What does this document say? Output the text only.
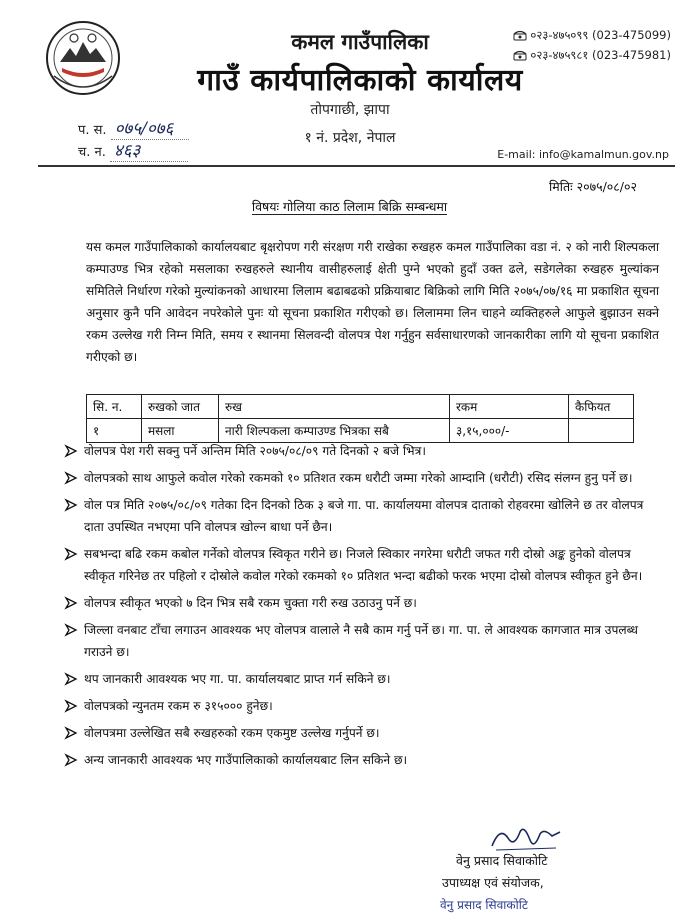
कमल गाउँपालिका
गाउँ कार्यपालिकाको कार्यालय
तोपगाछी, झापा
१ नं. प्रदेश, नेपाल
०२३-४७५०९९ (023-475099)
०२३-४७५९८१ (023-475981)
प. स. ०७५/०७६
च. न. ४६३	E-mail: info@kamalmun.gov.np
मितिः २०७५/०८/०२
विषयः गोलिया काठ लिलाम बिक्रि सम्बन्धमा

यस कमल गाउँपालिकाको कार्यालयबाट बृक्षरोपण गरी संरक्षण गरी राखेका रुखहरु कमल गाउँपालिका वडा नं. २ को नारी शिल्पकला कम्पाउण्ड भित्र रहेको मसलाका रुखहरुले स्थानीय वासीहरुलाई क्षेती पुग्ने भएको हुदाँ उक्त ढले, सडेगलेका रुखहरु मुल्यांकन समितिले निर्धारण गरेको मुल्यांकनको आधारमा लिलाम बढाबढको प्रक्रियाबाट बिक्रिको लागि मिति २०७५/०७/१६ मा प्रकाशित सूचना अनुसार कुनै पनि आवेदन नपरेकोले पुनः यो सूचना प्रकाशित गरीएको छ। लिलाममा लिन चाहने व्यक्तिहरुले आफुले बुझाउन सक्ने रकम उल्लेख गरी निम्न मिति, समय र स्थानमा सिलवन्दी वोलपत्र पेश गर्नुहुन सर्वसाधारणको जानकारीका लागि यो सूचना प्रकाशित गरीएको छ।

सि. न.	रुखको जात	रुख	रकम	कैफियत
१	मसला	नारी शिल्पकला कम्पाउण्ड भित्रका सबै	३,१५,०००/-	
वोलपत्र पेश गरी सक्नु पर्ने अन्तिम मिति २०७५/०८/०९ गते दिनको २ बजे भित्र।
वोलपत्रको साथ आफुले कवोल गरेको रकमको १० प्रतिशत रकम धरौटी जम्मा गरेको आम्दानि (धरौटी) रसिद संलग्न हुनु पर्ने छ।
वोल पत्र मिति २०७५/०८/०९ गतेका दिन दिनको ठिक ३ बजे गा. पा. कार्यालयमा वोलपत्र दाताको रोहवरमा खोलिने छ तर वोलपत्र दाता उपस्थित नभएमा पनि वोलपत्र खोल्न बाधा पर्ने छैन।
सबभन्दा बढि रकम कबोल गर्नेको वोलपत्र स्विकृत गरीने छ। निजले स्विकार नगरेमा धरौटी जफत गरी दोस्रो अङ्क हुनेको वोलपत्र स्वीकृत गरिनेछ तर पहिलो र दोस्रोले कवोल गरेको रकमको १० प्रतिशत भन्दा बढीको फरक भएमा दोस्रो वोलपत्र स्वीकृत हुने छैन।
वोलपत्र स्वीकृत भएको ७ दिन भित्र सबै रकम चुक्ता गरी रुख उठाउनु पर्ने छ।
जिल्ला वनबाट टाँचा लगाउन आवश्यक भए वोलपत्र वालाले नै सबै काम गर्नु पर्ने छ। गा. पा. ले आवश्यक कागजात मात्र उपलब्ध गराउने छ।
थप जानकारी आवश्यक भए गा. पा. कार्यालयबाट प्राप्त गर्न सकिने छ।
वोलपत्रको न्युनतम रकम रु ३१५००० हुनेछ।
वोलपत्रमा उल्लेखित सबै रुखहरुको रकम एकमुष्ट उल्लेख गर्नुपर्ने छ।
अन्य जानकारी आवश्यक भए गाउँपालिकाको कार्यालयबाट लिन सकिने छ।
वेनु प्रसाद सिवाकोटि
उपाध्यक्ष एवं संयोजक,
वेनु प्रसाद सिवाकोटि
